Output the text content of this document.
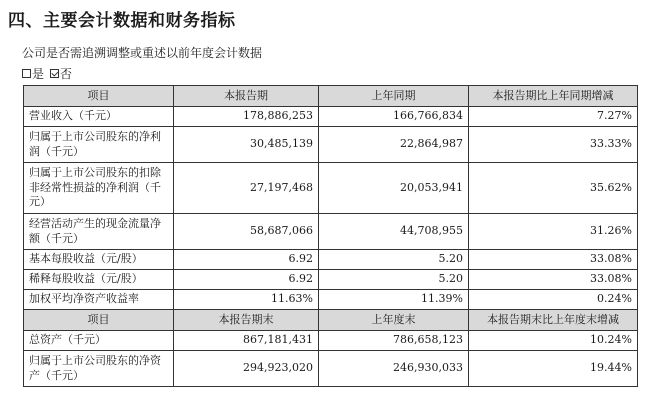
四、主要会计数据和财务指标
公司是否需追溯调整或重述以前年度会计数据
是 否
项目	本报告期	上年同期	本报告期比上年同期增减
营业收入（千元）	178,886,253	166,766,834	7.27%
归属于上市公司股东的净利润（千元）	30,485,139	22,864,987	33.33%
归属于上市公司股东的扣除非经常性损益的净利润（千元）	27,197,468	20,053,941	35.62%
经营活动产生的现金流量净额（千元）	58,687,066	44,708,955	31.26%
基本每股收益（元/股）	6.92	5.20	33.08%
稀释每股收益（元/股）	6.92	5.20	33.08%
加权平均净资产收益率	11.63%	11.39%	0.24%
项目	本报告期末	上年度末	本报告期末比上年度末增减
总资产（千元）	867,181,431	786,658,123	10.24%
归属于上市公司股东的净资产（千元）	294,923,020	246,930,033	19.44%
